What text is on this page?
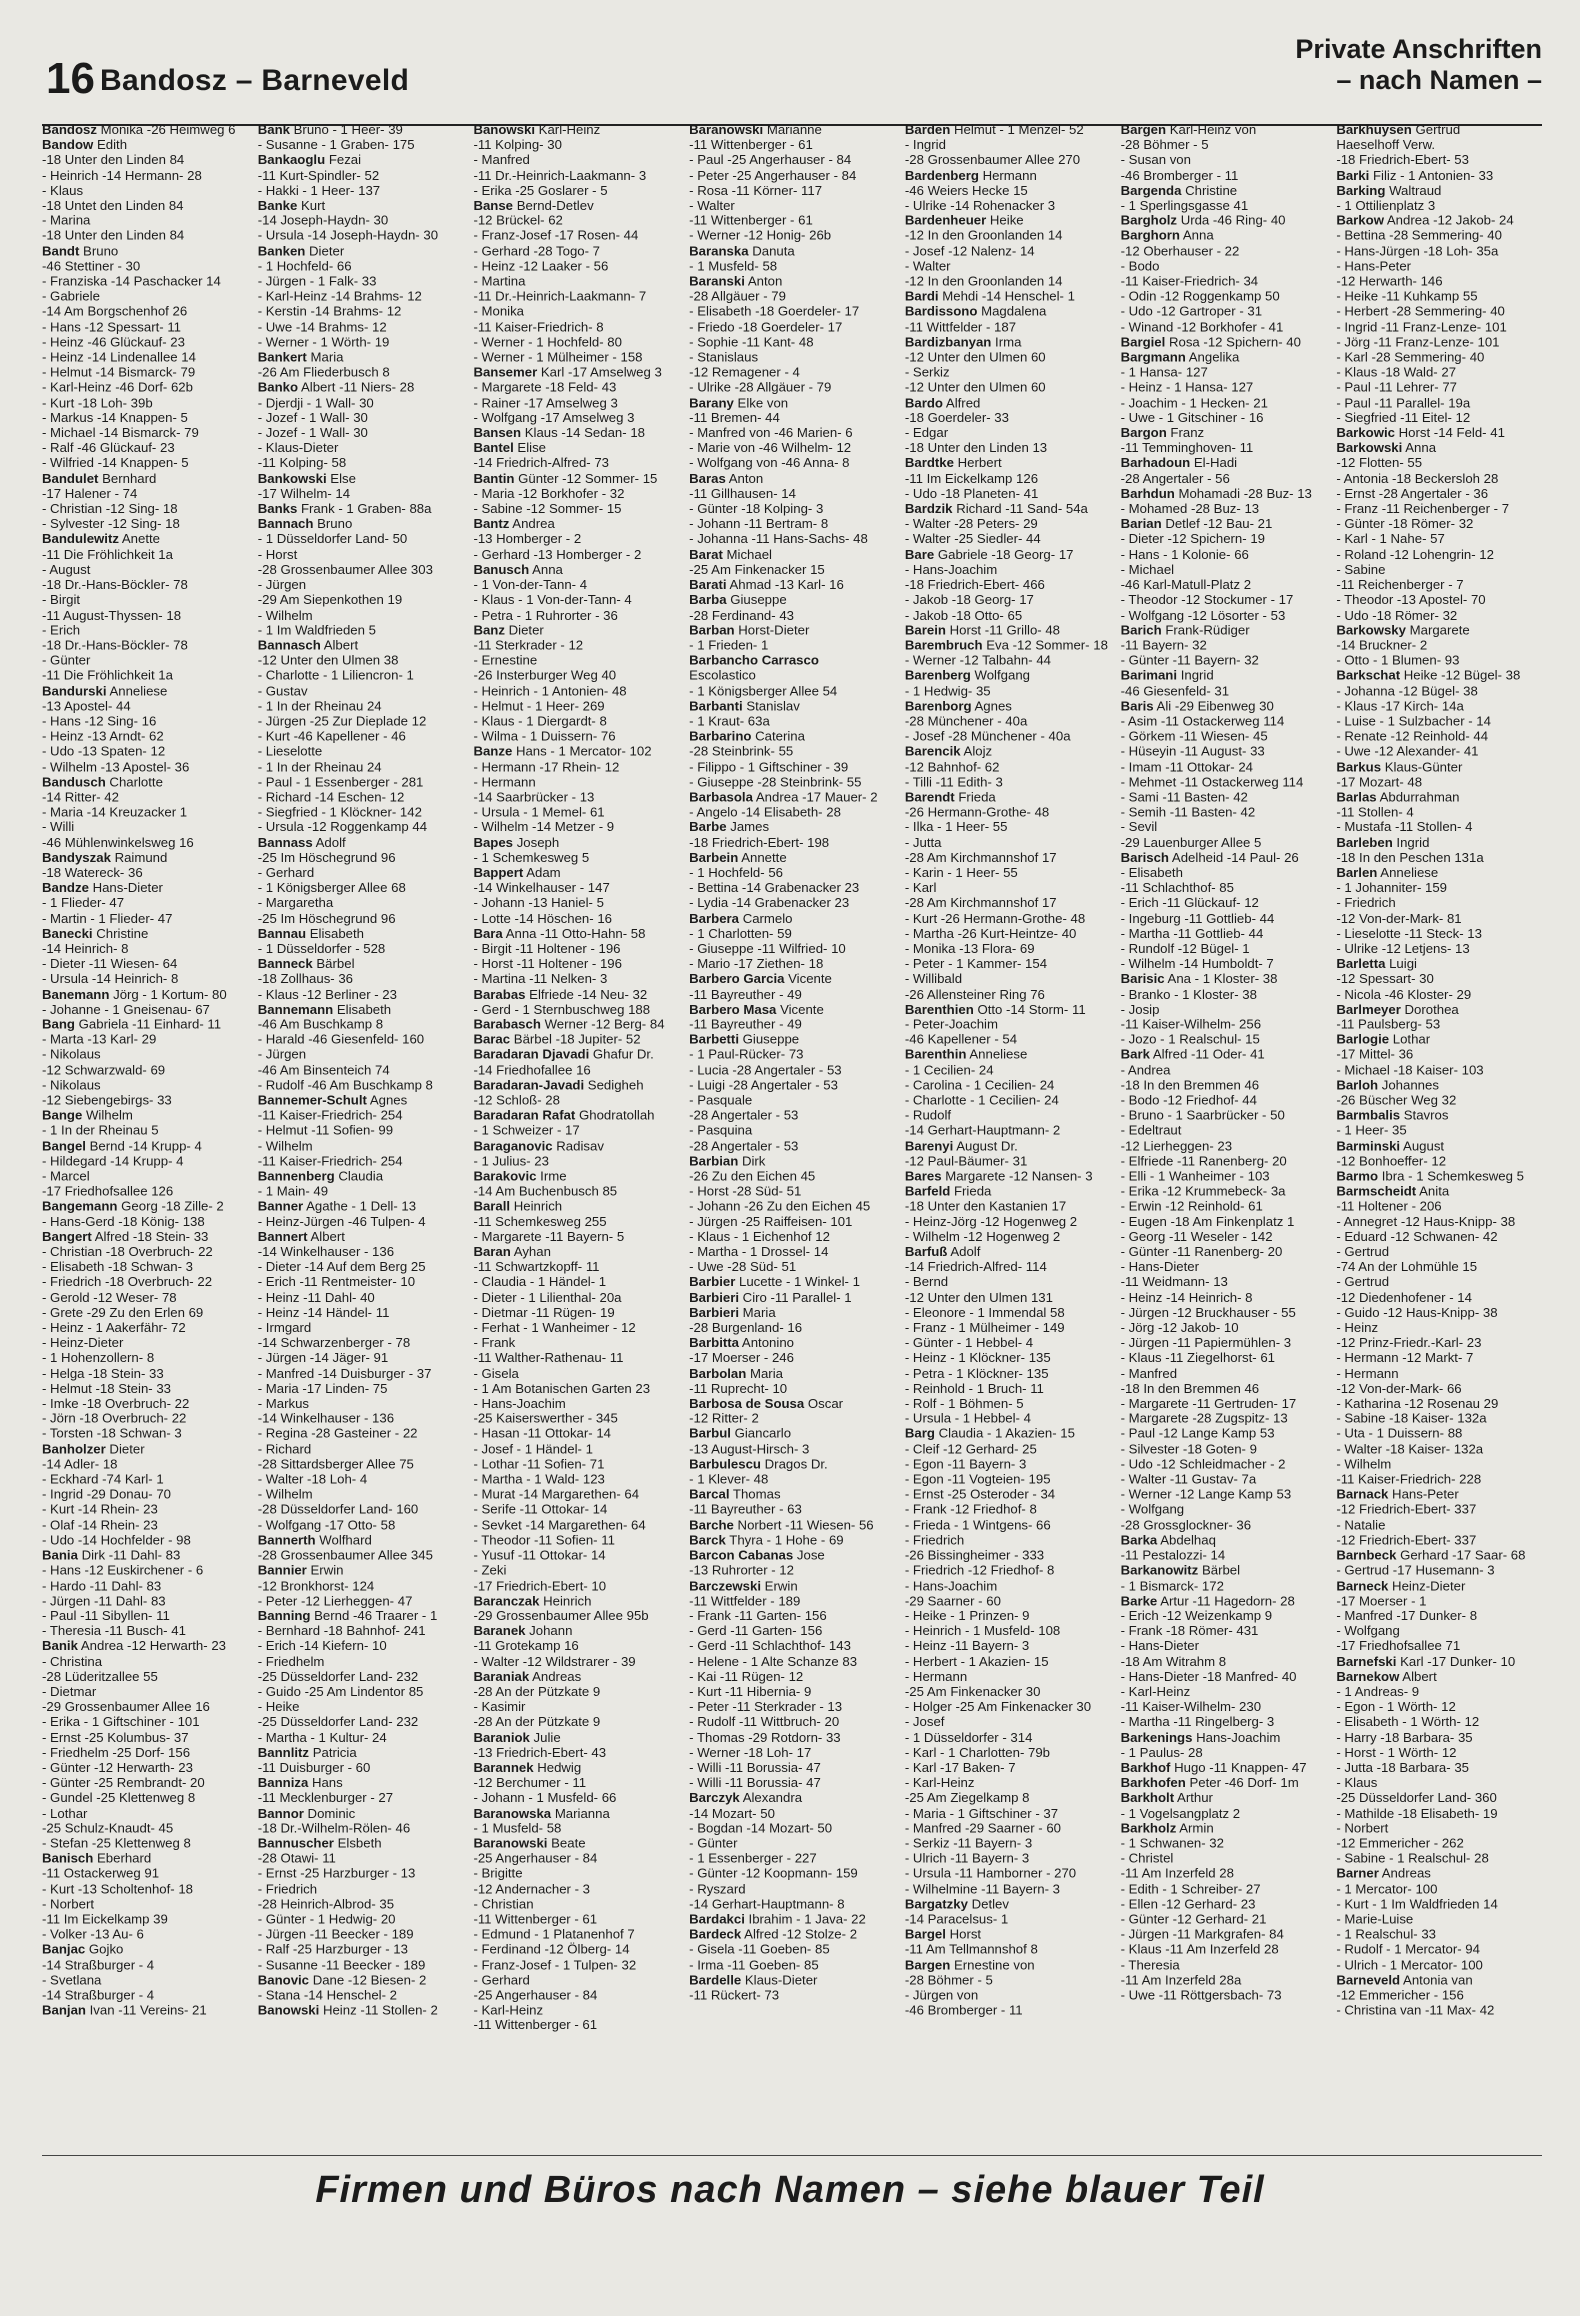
16 Bandosz – Barneveld
Private Anschriften
– nach Namen –
Bandosz Monika -26 Heimweg 6
Bandow Edith
-18 Unter den Linden 84
- Heinrich -14 Hermann- 28
- Klaus
-18 Untet den Linden 84
- Marina
-18 Unter den Linden 84
Bandt Bruno
-46 Stettiner - 30
- Franziska -14 Paschacker 14
- Gabriele
-14 Am Borgschenhof 26
- Hans -12 Spessart- 11
- Heinz -46 Glückauf- 23
- Heinz -14 Lindenallee 14
- Helmut -14 Bismarck- 79
- Karl-Heinz -46 Dorf- 62b
- Kurt -18 Loh- 39b
- Markus -14 Knappen- 5
- Michael -14 Bismarck- 79
- Ralf -46 Glückauf- 23
- Wilfried -14 Knappen- 5
Bandulet Bernhard
-17 Halener - 74
- Christian -12 Sing- 18
- Sylvester -12 Sing- 18
Bandulewitz Anette
-11 Die Fröhlichkeit 1a
- August
-18 Dr.-Hans-Böckler- 78
- Birgit
-11 August-Thyssen- 18
- Erich
-18 Dr.-Hans-Böckler- 78
- Günter
-11 Die Fröhlichkeit 1a
Bandurski Anneliese
-13 Apostel- 44
- Hans -12 Sing- 16
- Heinz -13 Arndt- 62
- Udo -13 Spaten- 12
- Wilhelm -13 Apostel- 36
Bandusch Charlotte
-14 Ritter- 42
- Maria -14 Kreuzacker 1
- Willi
-46 Mühlenwinkelsweg 16
Bandyszak Raimund
-18 Watereck- 36
Bandze Hans-Dieter
- 1 Flieder- 47
- Martin - 1 Flieder- 47
Banecki Christine
-14 Heinrich- 8
- Dieter -11 Wiesen- 64
- Ursula -14 Heinrich- 8
Banemann Jörg - 1 Kortum- 80
- Johanne - 1 Gneisenau- 67
Bang Gabriela -11 Einhard- 11
- Marta -13 Karl- 29
- Nikolaus
-12 Schwarzwald- 69
- Nikolaus
-12 Siebengebirgs- 33
Bange Wilhelm
- 1 In der Rheinau 5
Bangel Bernd -14 Krupp- 4
- Hildegard -14 Krupp- 4
- Marcel
-17 Friedhofsallee 126
Bangemann Georg -18 Zille- 2
- Hans-Gerd -18 König- 138
Bangert Alfred -18 Stein- 33
- Christian -18 Overbruch- 22
- Elisabeth -18 Schwan- 3
- Friedrich -18 Overbruch- 22
- Gerold -12 Weser- 78
- Grete -29 Zu den Erlen 69
- Heinz - 1 Aakerfähr- 72
- Heinz-Dieter
- 1 Hohenzollern- 8
- Helga -18 Stein- 33
- Helmut -18 Stein- 33
- Imke -18 Overbruch- 22
- Jörn -18 Overbruch- 22
- Torsten -18 Schwan- 3
Banholzer Dieter
-14 Adler- 18
- Eckhard -74 Karl- 1
- Ingrid -29 Donau- 70
- Kurt -14 Rhein- 23
- Olaf -14 Rhein- 23
- Udo -14 Hochfelder - 98
Bania Dirk -11 Dahl- 83
- Hans -12 Euskirchener - 6
- Hardo -11 Dahl- 83
- Jürgen -11 Dahl- 83
- Paul -11 Sibyllen- 11
- Theresia -11 Busch- 41
Banik Andrea -12 Herwarth- 23
- Christina
-28 Lüderitzallee 55
- Dietmar
-29 Grossenbaumer Allee 16
- Erika - 1 Giftschiner - 101
- Ernst -25 Kolumbus- 37
- Friedhelm -25 Dorf- 156
- Günter -12 Herwarth- 23
- Günter -25 Rembrandt- 20
- Gundel -25 Klettenweg 8
- Lothar
-25 Schulz-Knaudt- 45
- Stefan -25 Klettenweg 8
Banisch Eberhard
-11 Ostackerweg 91
- Kurt -13 Scholtenhof- 18
- Norbert
-11 Im Eickelkamp 39
- Volker -13 Au- 6
Banjac Gojko
-14 Straßburger - 4
- Svetlana
-14 Straßburger - 4
Banjan Ivan -11 Vereins- 21
Bank Bruno - 1 Heer- 39
- Susanne - 1 Graben- 175
Bankaoglu Fezai
-11 Kurt-Spindler- 52
- Hakki - 1 Heer- 137
Banke Kurt
-14 Joseph-Haydn- 30
- Ursula -14 Joseph-Haydn- 30
Banken Dieter
- 1 Hochfeld- 66
- Jürgen - 1 Falk- 33
- Karl-Heinz -14 Brahms- 12
- Kerstin -14 Brahms- 12
- Uwe -14 Brahms- 12
- Werner - 1 Wörth- 19
Bankert Maria
-26 Am Fliederbusch 8
Banko Albert -11 Niers- 28
- Djerdji - 1 Wall- 30
- Jozef - 1 Wall- 30
- Jozef - 1 Wall- 30
- Klaus-Dieter
-11 Kolping- 58
Bankowski Else
-17 Wilhelm- 14
Banks Frank - 1 Graben- 88a
Bannach Bruno
- 1 Düsseldorfer Land- 50
- Horst
-28 Grossenbaumer Allee 303
- Jürgen
-29 Am Siepenkothen 19
- Wilhelm
- 1 Im Waldfrieden 5
Bannasch Albert
-12 Unter den Ulmen 38
- Charlotte - 1 Liliencron- 1
- Gustav
- 1 In der Rheinau 24
- Jürgen -25 Zur Dieplade 12
- Kurt -46 Kapellener - 46
- Lieselotte
- 1 In der Rheinau 24
- Paul - 1 Essenberger - 281
- Richard -14 Eschen- 12
- Siegfried - 1 Klöckner- 142
- Ursula -12 Roggenkamp 44
Bannass Adolf
-25 Im Höschegrund 96
- Gerhard
- 1 Königsberger Allee 68
- Margaretha
-25 Im Höschegrund 96
Bannau Elisabeth
- 1 Düsseldorfer - 528
Banneck Bärbel
-18 Zollhaus- 36
- Klaus -12 Berliner - 23
Bannemann Elisabeth
-46 Am Buschkamp 8
- Harald -46 Giesenfeld- 160
- Jürgen
-46 Am Binsenteich 74
- Rudolf -46 Am Buschkamp 8
Bannemer-Schult Agnes
-11 Kaiser-Friedrich- 254
- Helmut -11 Sofien- 99
- Wilhelm
-11 Kaiser-Friedrich- 254
Bannenberg Claudia
- 1 Main- 49
Banner Agathe - 1 Dell- 13
- Heinz-Jürgen -46 Tulpen- 4
Bannert Albert
-14 Winkelhauser - 136
- Dieter -14 Auf dem Berg 25
- Erich -11 Rentmeister- 10
- Heinz -11 Dahl- 40
- Heinz -14 Händel- 11
- Irmgard
-14 Schwarzenberger - 78
- Jürgen -14 Jäger- 91
- Manfred -14 Duisburger - 37
- Maria -17 Linden- 75
- Markus
-14 Winkelhauser - 136
- Regina -28 Gasteiner - 22
- Richard
-28 Sittardsberger Allee 75
- Walter -18 Loh- 4
- Wilhelm
-28 Düsseldorfer Land- 160
- Wolfgang -17 Otto- 58
Bannerth Wolfhard
-28 Grossenbaumer Allee 345
Bannier Erwin
-12 Bronkhorst- 124
- Peter -12 Lierheggen- 47
Banning Bernd -46 Traarer - 1
- Bernhard -18 Bahnhof- 241
- Erich -14 Kiefern- 10
- Friedhelm
-25 Düsseldorfer Land- 232
- Guido -25 Am Lindentor 85
- Heike
-25 Düsseldorfer Land- 232
- Martha - 1 Kultur- 24
Bannlitz Patricia
-11 Duisburger - 60
Banniza Hans
-11 Mecklenburger - 27
Bannor Dominic
-18 Dr.-Wilhelm-Rölen- 46
Bannuscher Elsbeth
-28 Otawi- 11
- Ernst -25 Harzburger - 13
- Friedrich
-28 Heinrich-Albrod- 35
- Günter - 1 Hedwig- 20
- Jürgen -11 Beecker - 189
- Ralf -25 Harzburger - 13
- Susanne -11 Beecker - 189
Banovic Dane -12 Biesen- 2
- Stana -14 Henschel- 2
Banowski Heinz -11 Stollen- 2
Banowski Karl-Heinz
-11 Kolping- 30
- Manfred
-11 Dr.-Heinrich-Laakmann- 3
- Erika -25 Goslarer - 5
Banse Bernd-Detlev
-12 Brückel- 62
- Franz-Josef -17 Rosen- 44
- Gerhard -28 Togo- 7
- Heinz -12 Laaker - 56
- Martina
-11 Dr.-Heinrich-Laakmann- 7
- Monika
-11 Kaiser-Friedrich- 8
- Werner - 1 Hochfeld- 80
- Werner - 1 Mülheimer - 158
Bansemer Karl -17 Amselweg 3
- Margarete -18 Feld- 43
- Rainer -17 Amselweg 3
- Wolfgang -17 Amselweg 3
Bansen Klaus -14 Sedan- 18
Bantel Elise
-14 Friedrich-Alfred- 73
Bantin Günter -12 Sommer- 15
- Maria -12 Borkhofer - 32
- Sabine -12 Sommer- 15
Bantz Andrea
-13 Homberger - 2
- Gerhard -13 Homberger - 2
Banusch Anna
- 1 Von-der-Tann- 4
- Klaus - 1 Von-der-Tann- 4
- Petra - 1 Ruhrorter - 36
Banz Dieter
-11 Sterkrader - 12
- Ernestine
-26 Insterburger Weg 40
- Heinrich - 1 Antonien- 48
- Helmut - 1 Heer- 269
- Klaus - 1 Diergardt- 8
- Wilma - 1 Duissern- 76
Banze Hans - 1 Mercator- 102
- Hermann -17 Rhein- 12
- Hermann
-14 Saarbrücker - 13
- Ursula - 1 Memel- 61
- Wilhelm -14 Metzer - 9
Bapes Joseph
- 1 Schemkesweg 5
Bappert Adam
-14 Winkelhauser - 147
- Johann -13 Haniel- 5
- Lotte -14 Höschen- 16
Bara Anna -11 Otto-Hahn- 58
- Birgit -11 Holtener - 196
- Horst -11 Holtener - 196
- Martina -11 Nelken- 3
Barabas Elfriede -14 Neu- 32
- Gerd - 1 Sternbuschweg 188
Barabasch Werner -12 Berg- 84
Barac Bärbel -18 Jupiter- 52
Baradaran Djavadi Ghafur Dr.
-14 Friedhofallee 16
Baradaran-Javadi Sedigheh
-12 Schloß- 28
Baradaran Rafat Ghodratollah
- 1 Schweizer - 17
Baraganovic Radisav
- 1 Julius- 23
Barakovic Irme
-14 Am Buchenbusch 85
Barall Heinrich
-11 Schemkesweg 255
- Margarete -11 Bayern- 5
Baran Ayhan
-11 Schwartzkopff- 11
- Claudia - 1 Händel- 1
- Dieter - 1 Lilienthal- 20a
- Dietmar -11 Rügen- 19
- Ferhat - 1 Wanheimer - 12
- Frank
-11 Walther-Rathenau- 11
- Gisela
- 1 Am Botanischen Garten 23
- Hans-Joachim
-25 Kaiserswerther - 345
- Hasan -11 Ottokar- 14
- Josef - 1 Händel- 1
- Lothar -11 Sofien- 71
- Martha - 1 Wald- 123
- Murat -14 Margarethen- 64
- Serife -11 Ottokar- 14
- Sevket -14 Margarethen- 64
- Theodor -11 Sofien- 11
- Yusuf -11 Ottokar- 14
- Zeki
-17 Friedrich-Ebert- 10
Baranczak Heinrich
-29 Grossenbaumer Allee 95b
Baranek Johann
-11 Grotekamp 16
- Walter -12 Wildstrarer - 39
Baraniak Andreas
-28 An der Pützkate 9
- Kasimir
-28 An der Pützkate 9
Baraniok Julie
-13 Friedrich-Ebert- 43
Barannek Hedwig
-12 Berchumer - 11
- Johann - 1 Musfeld- 66
Baranowska Marianna
- 1 Musfeld- 58
Baranowski Beate
-25 Angerhauser - 84
- Brigitte
-12 Andernacher - 3
- Christian
-11 Wittenberger - 61
- Edmund - 1 Platanenhof 7
- Ferdinand -12 Ölberg- 14
- Franz-Josef - 1 Tulpen- 32
- Gerhard
-25 Angerhauser - 84
- Karl-Heinz
-11 Wittenberger - 61
Baranowski Marianne
-11 Wittenberger - 61
- Paul -25 Angerhauser - 84
- Peter -25 Angerhauser - 84
- Rosa -11 Körner- 117
- Walter
-11 Wittenberger - 61
- Werner -12 Honig- 26b
Baranska Danuta
- 1 Musfeld- 58
Baranski Anton
-28 Allgäuer - 79
- Elisabeth -18 Goerdeler- 17
- Friedo -18 Goerdeler- 17
- Sophie -11 Kant- 48
- Stanislaus
-12 Remagener - 4
- Ulrike -28 Allgäuer - 79
Barany Elke von
-11 Bremen- 44
- Manfred von -46 Marien- 6
- Marie von -46 Wilhelm- 12
- Wolfgang von -46 Anna- 8
Baras Anton
-11 Gillhausen- 14
- Günter -18 Kolping- 3
- Johann -11 Bertram- 8
- Johanna -11 Hans-Sachs- 48
Barat Michael
-25 Am Finkenacker 15
Barati Ahmad -13 Karl- 16
Barba Giuseppe
-28 Ferdinand- 43
Barban Horst-Dieter
- 1 Frieden- 1
Barbancho Carrasco
Escolastico
- 1 Königsberger Allee 54
Barbanti Stanislav
- 1 Kraut- 63a
Barbarino Caterina
-28 Steinbrink- 55
- Filippo - 1 Giftschiner - 39
- Giuseppe -28 Steinbrink- 55
Barbasola Andrea -17 Mauer- 2
- Angelo -14 Elisabeth- 28
Barbe James
-18 Friedrich-Ebert- 198
Barbein Annette
- 1 Hochfeld- 56
- Bettina -14 Grabenacker 23
- Lydia -14 Grabenacker 23
Barbera Carmelo
- 1 Charlotten- 59
- Giuseppe -11 Wilfried- 10
- Mario -17 Ziethen- 18
Barbero Garcia Vicente
-11 Bayreuther - 49
Barbero Masa Vicente
-11 Bayreuther - 49
Barbetti Giuseppe
- 1 Paul-Rücker- 73
- Lucia -28 Angertaler - 53
- Luigi -28 Angertaler - 53
- Pasquale
-28 Angertaler - 53
- Pasquina
-28 Angertaler - 53
Barbian Dirk
-26 Zu den Eichen 45
- Horst -28 Süd- 51
- Johann -26 Zu den Eichen 45
- Jürgen -25 Raiffeisen- 101
- Klaus - 1 Eichenhof 12
- Martha - 1 Drossel- 14
- Uwe -28 Süd- 51
Barbier Lucette - 1 Winkel- 1
Barbieri Ciro -11 Parallel- 1
Barbieri Maria
-28 Burgenland- 16
Barbitta Antonino
-17 Moerser - 246
Barbolan Maria
-11 Ruprecht- 10
Barbosa de Sousa Oscar
-12 Ritter- 2
Barbul Giancarlo
-13 August-Hirsch- 3
Barbulescu Dragos Dr.
- 1 Klever- 48
Barcal Thomas
-11 Bayreuther - 63
Barche Norbert -11 Wiesen- 56
Barck Thyra - 1 Hohe - 69
Barcon Cabanas Jose
-13 Ruhrorter - 12
Barczewski Erwin
-11 Wittfelder - 189
- Frank -11 Garten- 156
- Gerd -11 Garten- 156
- Gerd -11 Schlachthof- 143
- Helene - 1 Alte Schanze 83
- Kai -11 Rügen- 12
- Kurt -11 Hibernia- 9
- Peter -11 Sterkrader - 13
- Rudolf -11 Wittbruch- 20
- Thomas -29 Rotdorn- 33
- Werner -18 Loh- 17
- Willi -11 Borussia- 47
- Willi -11 Borussia- 47
Barczyk Alexandra
-14 Mozart- 50
- Bogdan -14 Mozart- 50
- Günter
- 1 Essenberger - 227
- Günter -12 Koopmann- 159
- Ryszard
-14 Gerhart-Hauptmann- 8
Bardakci Ibrahim - 1 Java- 22
Bardeck Alfred -12 Stolze- 2
- Gisela -11 Goeben- 85
- Irma -11 Goeben- 85
Bardelle Klaus-Dieter
-11 Rückert- 73
Barden Helmut - 1 Menzel- 52
- Ingrid
-28 Grossenbaumer Allee 270
Bardenberg Hermann
-46 Weiers Hecke 15
- Ulrike -14 Rohenacker 3
Bardenheuer Heike
-12 In den Groonlanden 14
- Josef -12 Nalenz- 14
- Walter
-12 In den Groonlanden 14
Bardi Mehdi -14 Henschel- 1
Bardissono Magdalena
-11 Wittfelder - 187
Bardizbanyan Irma
-12 Unter den Ulmen 60
- Serkiz
-12 Unter den Ulmen 60
Bardo Alfred
-18 Goerdeler- 33
- Edgar
-18 Unter den Linden 13
Bardtke Herbert
-11 Im Eickelkamp 126
- Udo -18 Planeten- 41
Bardzik Richard -11 Sand- 54a
- Walter -28 Peters- 29
- Walter -25 Siedler- 44
Bare Gabriele -18 Georg- 17
- Hans-Joachim
-18 Friedrich-Ebert- 466
- Jakob -18 Georg- 17
- Jakob -18 Otto- 65
Barein Horst -11 Grillo- 48
Barembruch Eva -12 Sommer- 18
- Werner -12 Talbahn- 44
Barenberg Wolfgang
- 1 Hedwig- 35
Barenborg Agnes
-28 Münchener - 40a
- Josef -28 Münchener - 40a
Barencik Alojz
-12 Bahnhof- 62
- Tilli -11 Edith- 3
Barendt Frieda
-26 Hermann-Grothe- 48
- Ilka - 1 Heer- 55
- Jutta
-28 Am Kirchmannshof 17
- Karin - 1 Heer- 55
- Karl
-28 Am Kirchmannshof 17
- Kurt -26 Hermann-Grothe- 48
- Martha -26 Kurt-Heintze- 40
- Monika -13 Flora- 69
- Peter - 1 Kammer- 154
- Willibald
-26 Allensteiner Ring 76
Barenthien Otto -14 Storm- 11
- Peter-Joachim
-46 Kapellener - 54
Barenthin Anneliese
- 1 Cecilien- 24
- Carolina - 1 Cecilien- 24
- Charlotte - 1 Cecilien- 24
- Rudolf
-14 Gerhart-Hauptmann- 2
Barenyi August Dr.
-12 Paul-Bäumer- 31
Bares Margarete -12 Nansen- 3
Barfeld Frieda
-18 Unter den Kastanien 17
- Heinz-Jörg -12 Hogenweg 2
- Wilhelm -12 Hogenweg 2
Barfuß Adolf
-14 Friedrich-Alfred- 114
- Bernd
-12 Unter den Ulmen 131
- Eleonore - 1 Immendal 58
- Franz - 1 Mülheimer - 149
- Günter - 1 Hebbel- 4
- Heinz - 1 Klöckner- 135
- Petra - 1 Klöckner- 135
- Reinhold - 1 Bruch- 11
- Rolf - 1 Böhmen- 5
- Ursula - 1 Hebbel- 4
Barg Claudia - 1 Akazien- 15
- Cleif -12 Gerhard- 25
- Egon -11 Bayern- 3
- Egon -11 Vogteien- 195
- Ernst -25 Osteroder - 34
- Frank -12 Friedhof- 8
- Frieda - 1 Wintgens- 66
- Friedrich
-26 Bissingheimer - 333
- Friedrich -12 Friedhof- 8
- Hans-Joachim
-29 Saarner - 60
- Heike - 1 Prinzen- 9
- Heinrich - 1 Musfeld- 108
- Heinz -11 Bayern- 3
- Herbert - 1 Akazien- 15
- Hermann
-25 Am Finkenacker 30
- Holger -25 Am Finkenacker 30
- Josef
- 1 Düsseldorfer - 314
- Karl - 1 Charlotten- 79b
- Karl -17 Baken- 7
- Karl-Heinz
-25 Am Ziegelkamp 8
- Maria - 1 Giftschiner - 37
- Manfred -29 Saarner - 60
- Serkiz -11 Bayern- 3
- Ulrich -11 Bayern- 3
- Ursula -11 Hamborner - 270
- Wilhelmine -11 Bayern- 3
Bargatzky Detlev
-14 Paracelsus- 1
Bargel Horst
-11 Am Tellmannshof 8
Bargen Ernestine von
-28 Böhmer - 5
- Jürgen von
-46 Bromberger - 11
Bargen Karl-Heinz von
-28 Böhmer - 5
- Susan von
-46 Bromberger - 11
Bargenda Christine
- 1 Sperlingsgasse 41
Bargholz Urda -46 Ring- 40
Barghorn Anna
-12 Oberhauser - 22
- Bodo
-11 Kaiser-Friedrich- 34
- Odin -12 Roggenkamp 50
- Udo -12 Gartroper - 31
- Winand -12 Borkhofer - 41
Bargiel Rosa -12 Spichern- 40
Bargmann Angelika
- 1 Hansa- 127
- Heinz - 1 Hansa- 127
- Joachim - 1 Hecken- 21
- Uwe - 1 Gitschiner - 16
Bargon Franz
-11 Temminghoven- 11
Barhadoun El-Hadi
-28 Angertaler - 56
Barhdun Mohamadi -28 Buz- 13
- Mohamed -28 Buz- 13
Barian Detlef -12 Bau- 21
- Dieter -12 Spichern- 19
- Hans - 1 Kolonie- 66
- Michael
-46 Karl-Matull-Platz 2
- Theodor -12 Stockumer - 17
- Wolfgang -12 Lösorter - 53
Barich Frank-Rüdiger
-11 Bayern- 32
- Günter -11 Bayern- 32
Barimani Ingrid
-46 Giesenfeld- 31
Baris Ali -29 Eibenweg 30
- Asim -11 Ostackerweg 114
- Görkem -11 Wiesen- 45
- Hüseyin -11 August- 33
- Imam -11 Ottokar- 24
- Mehmet -11 Ostackerweg 114
- Sami -11 Basten- 42
- Semih -11 Basten- 42
- Sevil
-29 Lauenburger Allee 5
Barisch Adelheid -14 Paul- 26
- Elisabeth
-11 Schlachthof- 85
- Erich -11 Glückauf- 12
- Ingeburg -11 Gottlieb- 44
- Martha -11 Gottlieb- 44
- Rundolf -12 Bügel- 1
- Wilhelm -14 Humboldt- 7
Barisic Ana - 1 Kloster- 38
- Branko - 1 Kloster- 38
- Josip
-11 Kaiser-Wilhelm- 256
- Jozo - 1 Realschul- 15
Bark Alfred -11 Oder- 41
- Andrea
-18 In den Bremmen 46
- Bodo -12 Friedhof- 44
- Bruno - 1 Saarbrücker - 50
- Edeltraut
-12 Lierheggen- 23
- Elfriede -11 Ranenberg- 20
- Elli - 1 Wanheimer - 103
- Erika -12 Krummebeck- 3a
- Erwin -12 Reinhold- 61
- Eugen -18 Am Finkenplatz 1
- Georg -11 Weseler - 142
- Günter -11 Ranenberg- 20
- Hans-Dieter
-11 Weidmann- 13
- Heinz -14 Heinrich- 8
- Jürgen -12 Bruckhauser - 55
- Jörg -12 Jakob- 10
- Jürgen -11 Papiermühlen- 3
- Klaus -11 Ziegelhorst- 61
- Manfred
-18 In den Bremmen 46
- Margarete -11 Gertruden- 17
- Margarete -28 Zugspitz- 13
- Paul -12 Lange Kamp 53
- Silvester -18 Goten- 9
- Udo -12 Schleidmacher - 2
- Walter -11 Gustav- 7a
- Werner -12 Lange Kamp 53
- Wolfgang
-28 Grossglockner- 36
Barka Abdelhaq
-11 Pestalozzi- 14
Barkanowitz Bärbel
- 1 Bismarck- 172
Barke Artur -11 Hagedorn- 28
- Erich -12 Weizenkamp 9
- Frank -18 Römer- 431
- Hans-Dieter
-18 Am Witrahm 8
- Hans-Dieter -18 Manfred- 40
- Karl-Heinz
-11 Kaiser-Wilhelm- 230
- Martha -11 Ringelberg- 3
Barkenings Hans-Joachim
- 1 Paulus- 28
Barkhof Hugo -11 Knappen- 47
Barkhofen Peter -46 Dorf- 1m
Barkholt Arthur
- 1 Vogelsangplatz 2
Barkholz Armin
- 1 Schwanen- 32
- Christel
-11 Am Inzerfeld 28
- Edith - 1 Schreiber- 27
- Ellen -12 Gerhard- 23
- Günter -12 Gerhard- 21
- Jürgen -11 Markgrafen- 84
- Klaus -11 Am Inzerfeld 28
- Theresia
-11 Am Inzerfeld 28a
- Uwe -11 Röttgersbach- 73
Barkhuysen Gertrud
Haeselhoff Verw.
-18 Friedrich-Ebert- 53
Barki Filiz - 1 Antonien- 33
Barking Waltraud
- 1 Ottilienplatz 3
Barkow Andrea -12 Jakob- 24
- Bettina -28 Semmering- 40
- Hans-Jürgen -18 Loh- 35a
- Hans-Peter
-12 Herwarth- 146
- Heike -11 Kuhkamp 55
- Herbert -28 Semmering- 40
- Ingrid -11 Franz-Lenze- 101
- Jörg -11 Franz-Lenze- 101
- Karl -28 Semmering- 40
- Klaus -18 Wald- 27
- Paul -11 Lehrer- 77
- Paul -11 Parallel- 19a
- Siegfried -11 Eitel- 12
Barkowic Horst -14 Feld- 41
Barkowski Anna
-12 Flotten- 55
- Antonia -18 Beckersloh 28
- Ernst -28 Angertaler - 36
- Franz -11 Reichenberger - 7
- Günter -18 Römer- 32
- Karl - 1 Nahe- 57
- Roland -12 Lohengrin- 12
- Sabine
-11 Reichenberger - 7
- Theodor -13 Apostel- 70
- Udo -18 Römer- 32
Barkowsky Margarete
-14 Bruckner- 2
- Otto - 1 Blumen- 93
Barkschat Heike -12 Bügel- 38
- Johanna -12 Bügel- 38
- Klaus -17 Kirch- 14a
- Luise - 1 Sulzbacher - 14
- Renate -12 Reinhold- 44
- Uwe -12 Alexander- 41
Barkus Klaus-Günter
-17 Mozart- 48
Barlas Abdurrahman
-11 Stollen- 4
- Mustafa -11 Stollen- 4
Barleben Ingrid
-18 In den Peschen 131a
Barlen Anneliese
- 1 Johanniter- 159
- Friedrich
-12 Von-der-Mark- 81
- Lieselotte -11 Steck- 13
- Ulrike -12 Letjens- 13
Barletta Luigi
-12 Spessart- 30
- Nicola -46 Kloster- 29
Barlmeyer Dorothea
-11 Paulsberg- 53
Barlogie Lothar
-17 Mittel- 36
- Michael -18 Kaiser- 103
Barloh Johannes
-26 Büscher Weg 32
Barmbalis Stavros
- 1 Heer- 35
Barminski August
-12 Bonhoeffer- 12
Barmo Ibra - 1 Schemkesweg 5
Barmscheidt Anita
-11 Holtener - 206
- Annegret -12 Haus-Knipp- 38
- Eduard -12 Schwanen- 42
- Gertrud
-74 An der Lohmühle 15
- Gertrud
-12 Diedenhofener - 14
- Guido -12 Haus-Knipp- 38
- Heinz
-12 Prinz-Friedr.-Karl- 23
- Hermann -12 Markt- 7
- Hermann
-12 Von-der-Mark- 66
- Katharina -12 Rosenau 29
- Sabine -18 Kaiser- 132a
- Uta - 1 Duissern- 88
- Walter -18 Kaiser- 132a
- Wilhelm
-11 Kaiser-Friedrich- 228
Barnack Hans-Peter
-12 Friedrich-Ebert- 337
- Natalie
-12 Friedrich-Ebert- 337
Barnbeck Gerhard -17 Saar- 68
- Gertrud -17 Husemann- 3
Barneck Heinz-Dieter
-17 Moerser - 1
- Manfred -17 Dunker- 8
- Wolfgang
-17 Friedhofsallee 71
Barnefski Karl -17 Dunker- 10
Barnekow Albert
- 1 Andreas- 9
- Egon - 1 Wörth- 12
- Elisabeth - 1 Wörth- 12
- Harry -18 Barbara- 35
- Horst - 1 Wörth- 12
- Jutta -18 Barbara- 35
- Klaus
-25 Düsseldorfer Land- 360
- Mathilde -18 Elisabeth- 19
- Norbert
-12 Emmericher - 262
- Sabine - 1 Realschul- 28
Barner Andreas
- 1 Mercator- 100
- Kurt - 1 Im Waldfrieden 14
- Marie-Luise
- 1 Realschul- 33
- Rudolf - 1 Mercator- 94
- Ulrich - 1 Mercator- 100
Barneveld Antonia van
-12 Emmericher - 156
- Christina van -11 Max- 42
Firmen und Büros nach Namen – siehe blauer Teil
